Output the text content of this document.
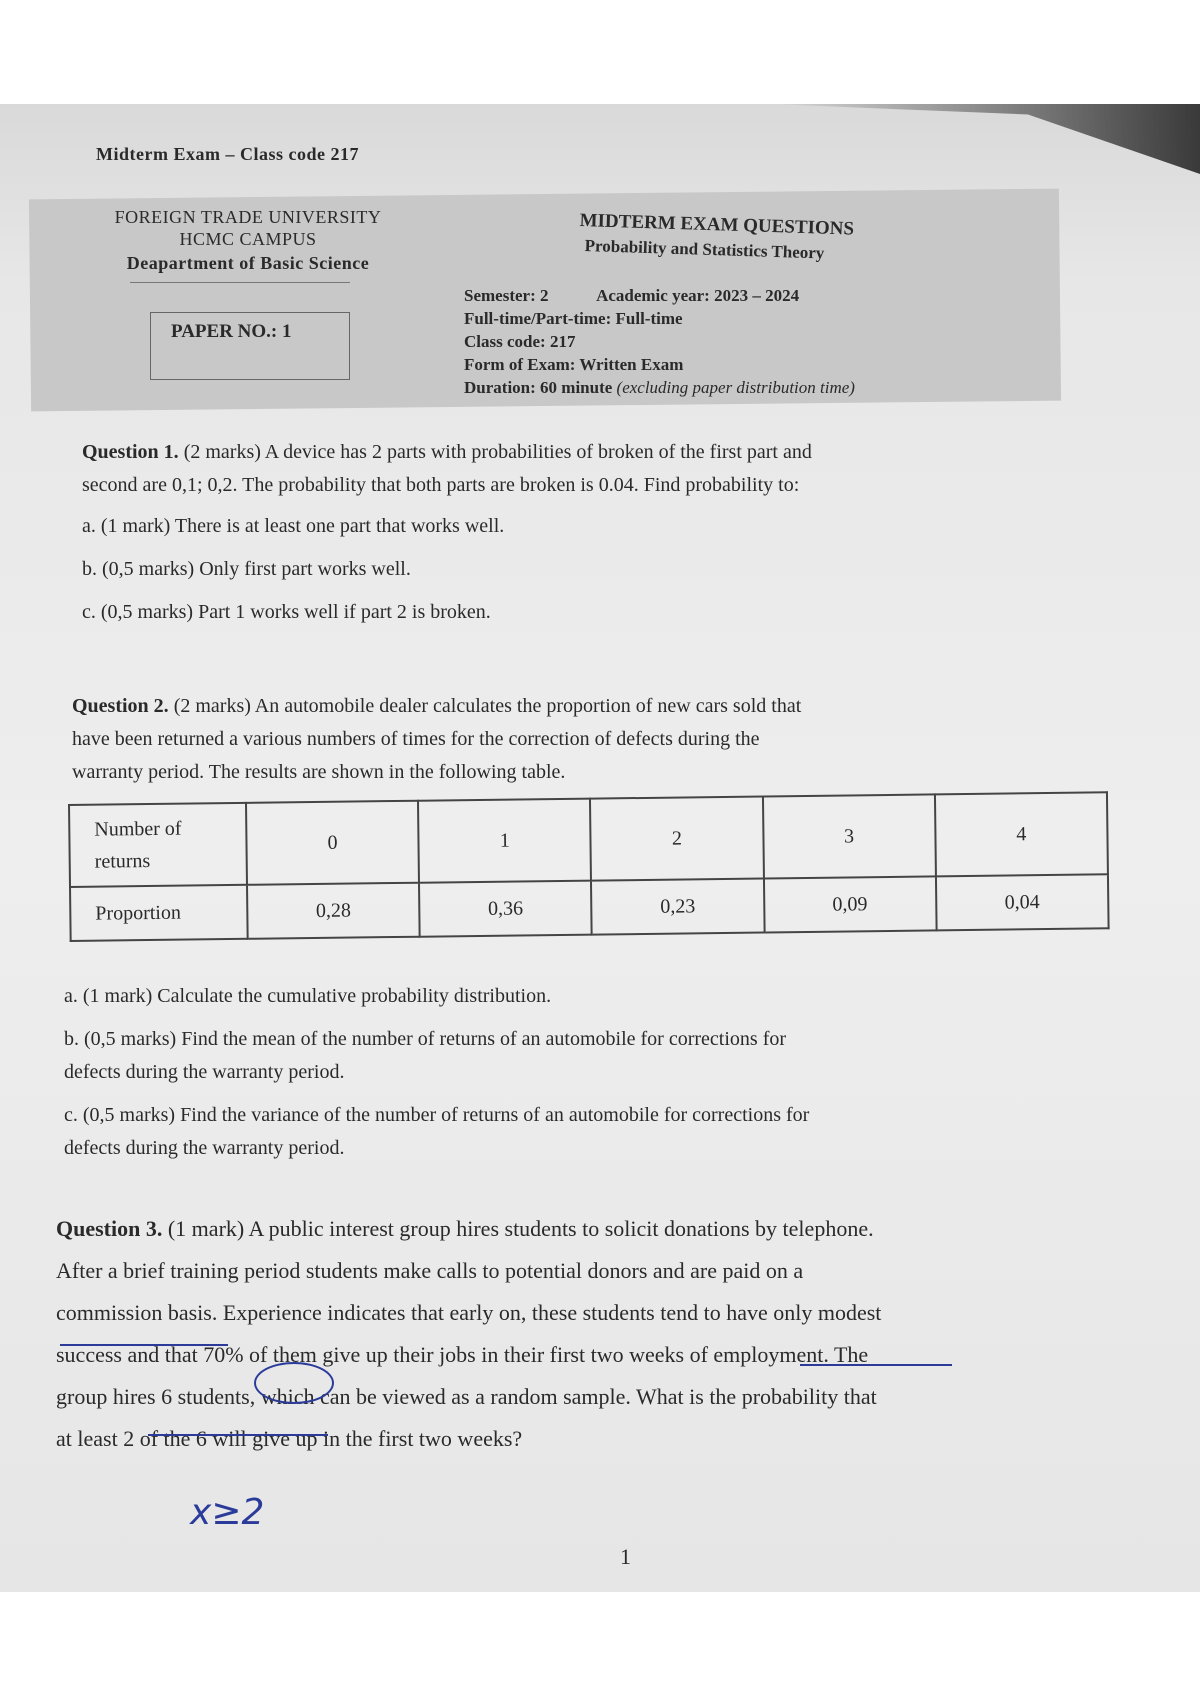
Midterm Exam – Class code 217
FOREIGN TRADE UNIVERSITY
HCMC CAMPUS
Deapartment of Basic Science
PAPER NO.: 1
MIDTERM EXAM QUESTIONS
Probability and Statistics Theory
Semester: 2	Academic year: 2023 – 2024
Full-time/Part-time: Full-time
Class code: 217
Form of Exam: Written Exam
Duration: 60 minute (excluding paper distribution time)
Question 1. (2 marks) A device has 2 parts with probabilities of broken of the first part and
second are 0,1; 0,2. The probability that both parts are broken is 0.04. Find probability to:
a. (1 mark) There is at least one part that works well.
b. (0,5 marks) Only first part works well.
c. (0,5 marks) Part 1 works well if part 2 is broken.
Question 2. (2 marks) An automobile dealer calculates the proportion of new cars sold that
have been returned a various numbers of times for the correction of defects during the
warranty period. The results are shown in the following table.
Number of
returns	0	1	2	3	4
Proportion	0,28	0,36	0,23	0,09	0,04
a. (1 mark) Calculate the cumulative probability distribution.
b. (0,5 marks) Find the mean of the number of returns of an automobile for corrections for
defects during the warranty period.
c. (0,5 marks) Find the variance of the number of returns of an automobile for corrections for
defects during the warranty period.
Question 3. (1 mark) A public interest group hires students to solicit donations by telephone.
After a brief training period students make calls to potential donors and are paid on a
commission basis. Experience indicates that early on, these students tend to have only modest
success and that 70% of them give up their jobs in their first two weeks of employment. The
group hires 6 students, which can be viewed as a random sample. What is the probability that
at least 2 of the 6 will give up in the first two weeks?
x≥2
1
